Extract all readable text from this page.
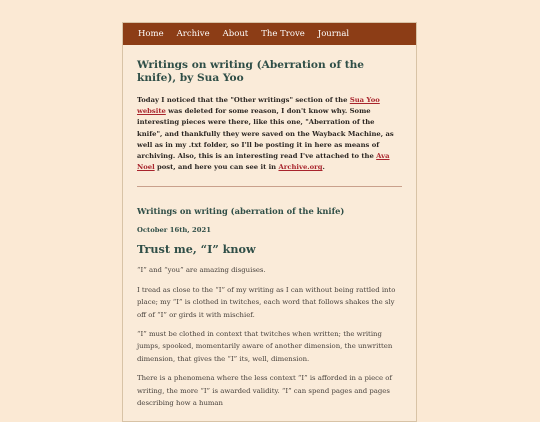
Home Archive About The Trove Journal
Writings on writing (Aberration of the knife), by Sua Yoo

Today I noticed that the "Other writings" section of the Sua Yoo website was deleted for some reason, I don't know why. Some interesting pieces were there, like this one, "Aberration of the knife", and thankfully they were saved on the Wayback Machine, as well as in my .txt folder, so I'll be posting it in here as means of archiving. Also, this is an interesting read I've attached to the Ava Noel post, and here you can see it in Archive.org.

Writings on writing (aberration of the knife)
October 16th, 2021
Trust me, “I” know

“I” and “you” are amazing disguises.

I tread as close to the “I” of my writing as I can without being rattled into place; my “I” is clothed in twitches, each word that follows shakes the sly off of “I” or girds it with mischief.

“I” must be clothed in context that twitches when written; the writing jumps, spooked, momentarily aware of another dimension, the unwritten dimension, that gives the “I” its, well, dimension.

There is a phenomena where the less context “I” is afforded in a piece of writing, the more “I” is awarded validity. “I” can spend pages and pages describing how a human
